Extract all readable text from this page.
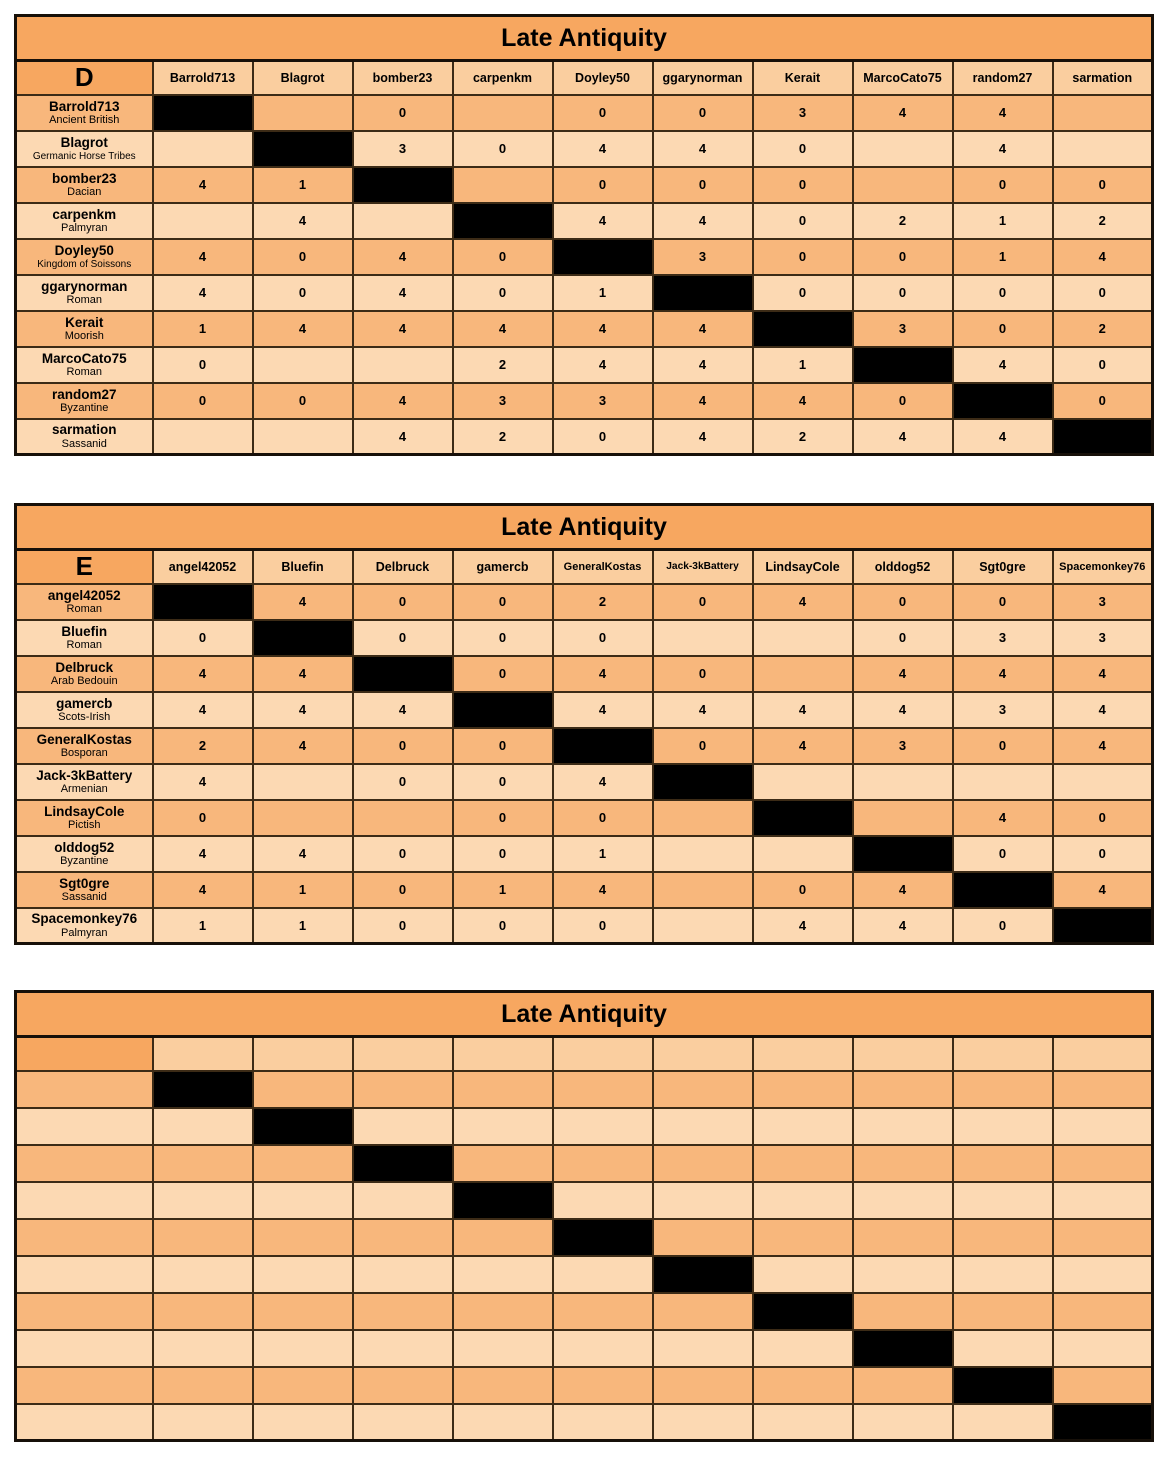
Late Antiquity										
D	Barrold713	Blagrot	bomber23	carpenkm	Doyley50	ggarynorman	Kerait	MarcoCato75	random27	sarmation

Barrold713
Ancient British			0		0	0	3	4	4	

Blagrot
Germanic Horse Tribes			3	0	4	4	0		4	

bomber23
Dacian	4	1			0	0	0		0	0

carpenkm
Palmyran		4			4	4	0	2	1	2

Doyley50
Kingdom of Soissons	4	0	4	0		3	0	0	1	4

ggarynorman
Roman	4	0	4	0	1		0	0	0	0

Kerait
Moorish	1	4	4	4	4	4		3	0	2

MarcoCato75
Roman	0			2	4	4	1		4	0

random27
Byzantine	0	0	4	3	3	4	4	0		0

sarmation
Sassanid			4	2	0	4	2	4	4	
Late Antiquity										
E	angel42052	Bluefin	Delbruck	gamercb	GeneralKostas	Jack-3kBattery	LindsayCole	olddog52	Sgt0gre	Spacemonkey76

angel42052
Roman		4	0	0	2	0	4	0	0	3

Bluefin
Roman	0		0	0	0			0	3	3

Delbruck
Arab Bedouin	4	4		0	4	0		4	4	4

gamercb
Scots-Irish	4	4	4		4	4	4	4	3	4

GeneralKostas
Bosporan	2	4	0	0		0	4	3	0	4

Jack-3kBattery
Armenian	4		0	0	4					

LindsayCole
Pictish	0			0	0				4	0

olddog52
Byzantine	4	4	0	0	1				0	0

Sgt0gre
Sassanid	4	1	0	1	4		0	4		4

Spacemonkey76
Palmyran	1	1	0	0	0		4	4	0	
Late Antiquity										
